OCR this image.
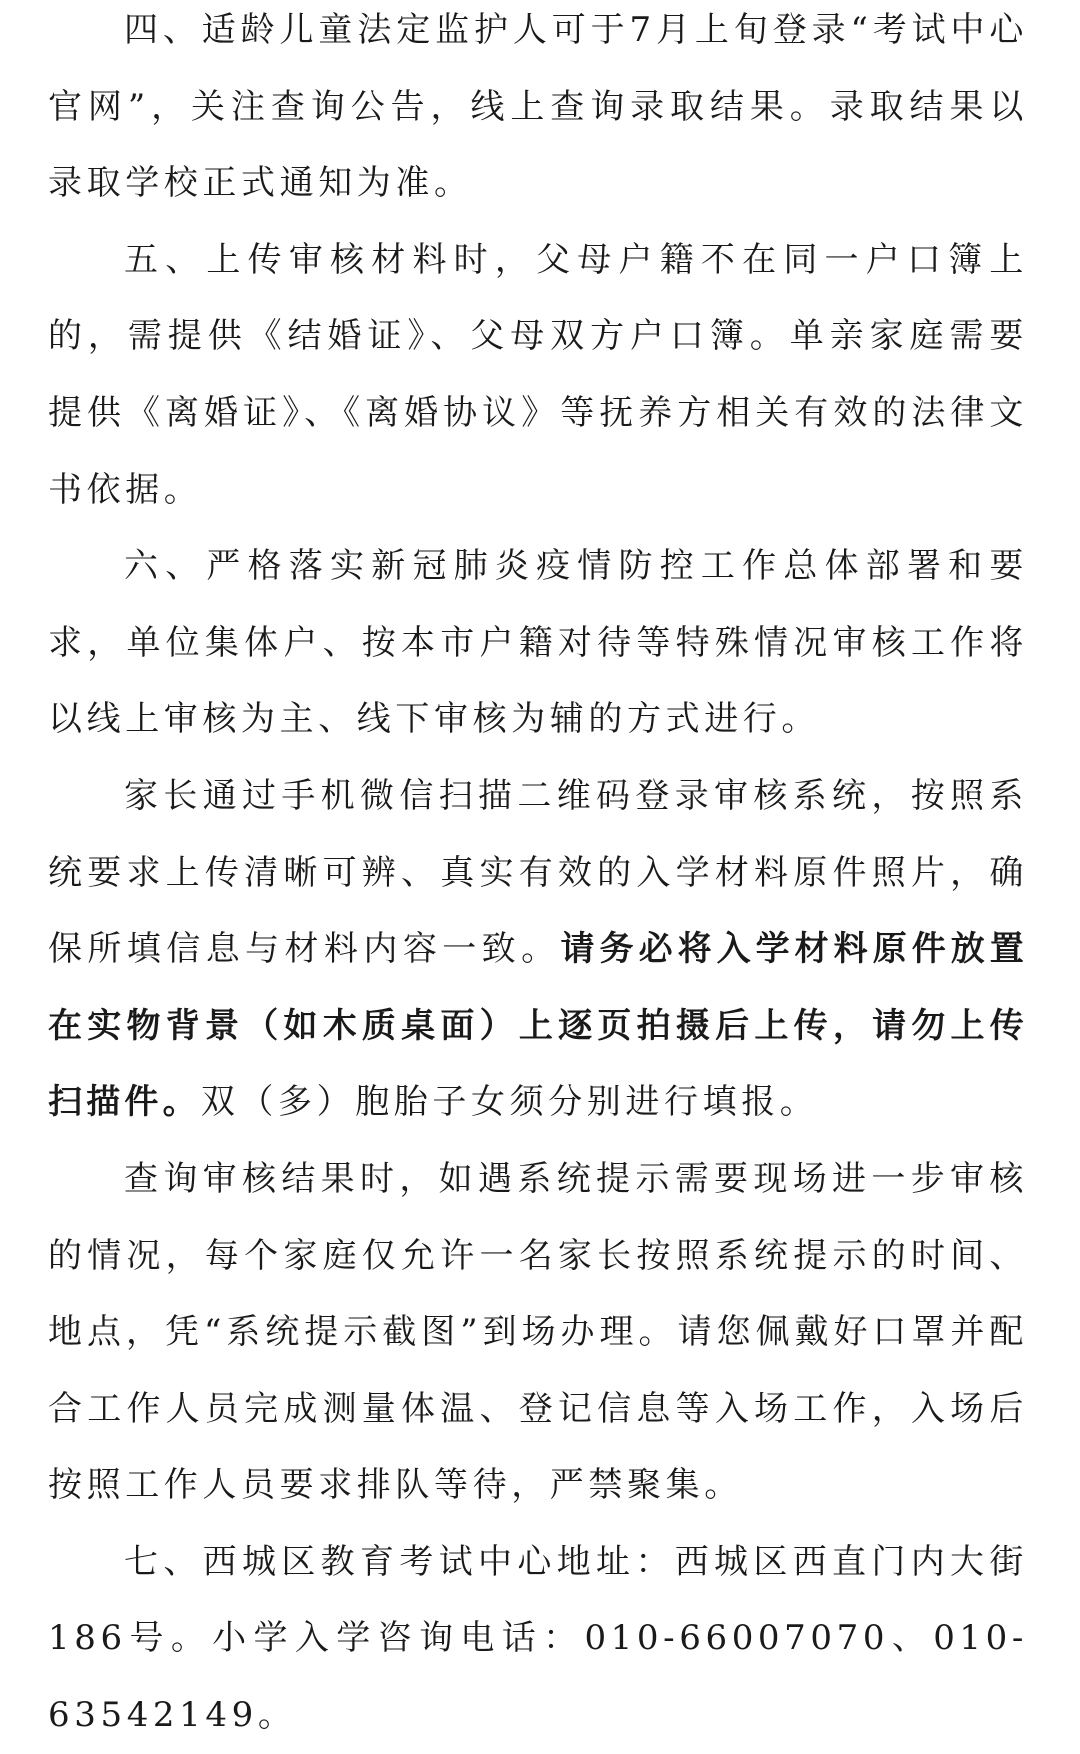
四、适龄儿童法定监护人可于7月上旬登录“考试中心官网”，关注查询公告，线上查询录取结果。录取结果以录取学校正式通知为准。

五、上传审核材料时，父母户籍不在同一户口簿上的，需提供《结婚证》、父母双方户口簿。单亲家庭需要提供《离婚证》、《离婚协议》等抚养方相关有效的法律文书依据。

六、严格落实新冠肺炎疫情防控工作总体部署和要求，单位集体户、按本市户籍对待等特殊情况审核工作将以线上审核为主、线下审核为辅的方式进行。

家长通过手机微信扫描二维码登录审核系统，按照系统要求上传清晰可辨、真实有效的入学材料原件照片，确保所填信息与材料内容一致。请务必将入学材料原件放置在实物背景（如木质桌面）上逐页拍摄后上传，请勿上传扫描件。双（多）胞胎子女须分别进行填报。

查询审核结果时，如遇系统提示需要现场进一步审核的情况，每个家庭仅允许一名家长按照系统提示的时间、地点，凭“系统提示截图”到场办理。请您佩戴好口罩并配合工作人员完成测量体温、登记信息等入场工作，入场后按照工作人员要求排队等待，严禁聚集。

七、西城区教育考试中心地址：西城区西直门内大街186号。小学入学咨询电话：010-66007070、010-63542149。
